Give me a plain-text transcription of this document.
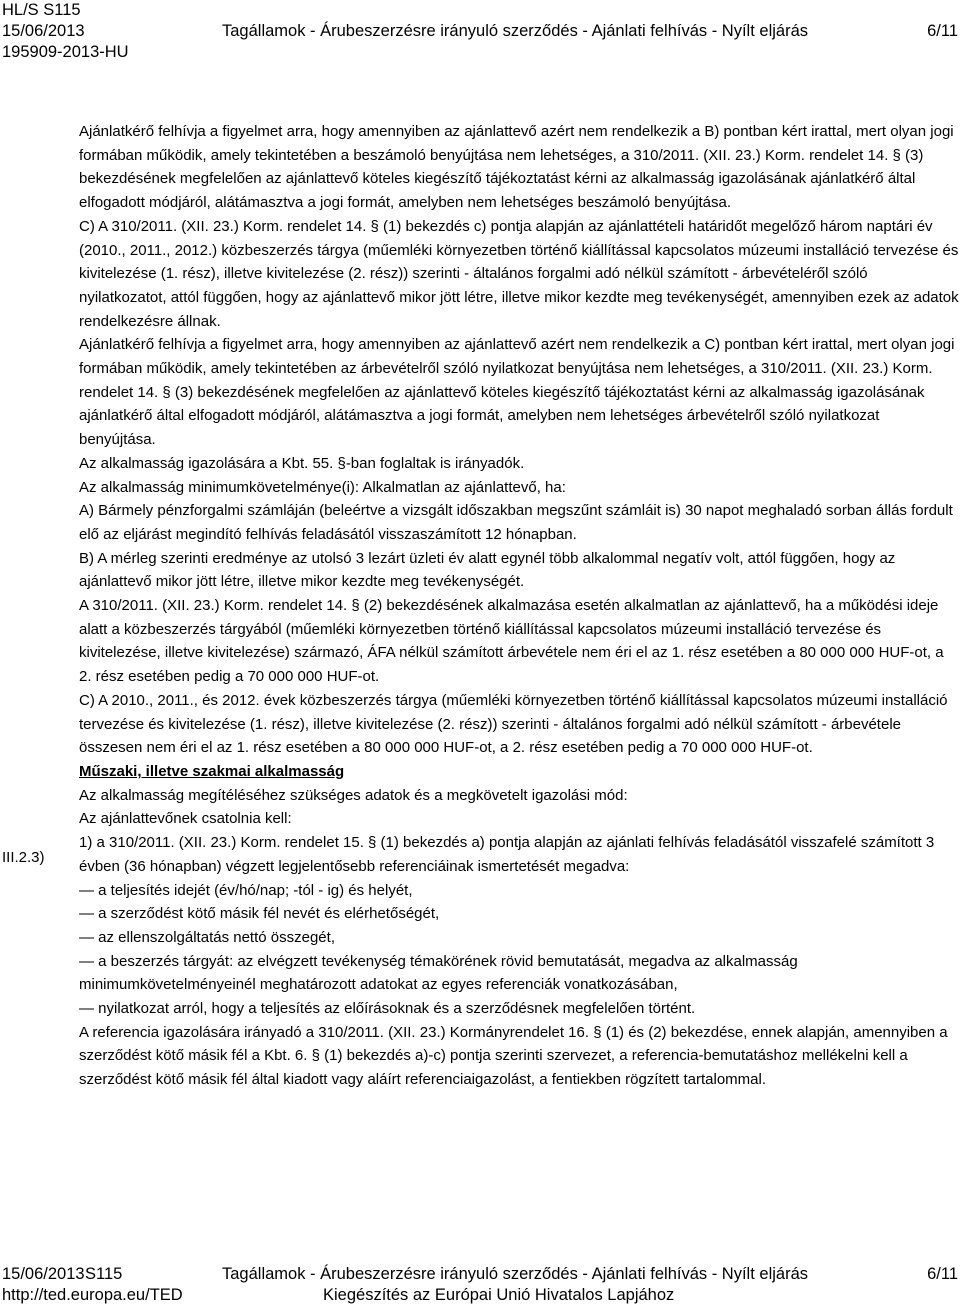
HL/S S115
15/06/2013	Tagállamok - Árubeszerzésre irányuló szerződés - Ajánlati felhívás - Nyílt eljárás	6/11
195909-2013-HU

Ajánlatkérő felhívja a figyelmet arra, hogy amennyiben az ajánlattevő azért nem rendelkezik a B) pontban kért irattal, mert olyan jogi formában működik, amely tekintetében a beszámoló benyújtása nem lehetséges, a 310/2011. (XII. 23.) Korm. rendelet 14. § (3) bekezdésének megfelelően az ajánlattevő köteles kiegészítő tájékoztatást kérni az alkalmasság igazolásának ajánlatkérő által elfogadott módjáról, alátámasztva a jogi formát, amelyben nem lehetséges beszámoló benyújtása.

C) A 310/2011. (XII. 23.) Korm. rendelet 14. § (1) bekezdés c) pontja alapján az ajánlattételi határidőt megelőző három naptári év (2010., 2011., 2012.) közbeszerzés tárgya (műemléki környezetben történő kiállítással kapcsolatos múzeumi installáció tervezése és kivitelezése (1. rész), illetve kivitelezése (2. rész)) szerinti - általános forgalmi adó nélkül számított - árbevételéről szóló nyilatkozatot, attól függően, hogy az ajánlattevő mikor jött létre, illetve mikor kezdte meg tevékenységét, amennyiben ezek az adatok rendelkezésre állnak.

Ajánlatkérő felhívja a figyelmet arra, hogy amennyiben az ajánlattevő azért nem rendelkezik a C) pontban kért irattal, mert olyan jogi formában működik, amely tekintetében az árbevételről szóló nyilatkozat benyújtása nem lehetséges, a 310/2011. (XII. 23.) Korm. rendelet 14. § (3) bekezdésének megfelelően az ajánlattevő köteles kiegészítő tájékoztatást kérni az alkalmasság igazolásának ajánlatkérő által elfogadott módjáról, alátámasztva a jogi formát, amelyben nem lehetséges árbevételről szóló nyilatkozat benyújtása.

Az alkalmasság igazolására a Kbt. 55. §-ban foglaltak is irányadók.

Az alkalmasság minimumkövetelménye(i): Alkalmatlan az ajánlattevő, ha:

A) Bármely pénzforgalmi számláján (beleértve a vizsgált időszakban megszűnt számláit is) 30 napot meghaladó sorban állás fordult elő az eljárást megindító felhívás feladásától visszaszámított 12 hónapban.

B) A mérleg szerinti eredménye az utolsó 3 lezárt üzleti év alatt egynél több alkalommal negatív volt, attól függően, hogy az ajánlattevő mikor jött létre, illetve mikor kezdte meg tevékenységét.

A 310/2011. (XII. 23.) Korm. rendelet 14. § (2) bekezdésének alkalmazása esetén alkalmatlan az ajánlattevő, ha a működési ideje alatt a közbeszerzés tárgyából (műemléki környezetben történő kiállítással kapcsolatos múzeumi installáció tervezése és kivitelezése, illetve kivitelezése) származó, ÁFA nélkül számított árbevétele nem éri el az 1. rész esetében a 80 000 000 HUF-ot, a 2. rész esetében pedig a 70 000 000 HUF-ot.

C) A 2010., 2011., és 2012. évek közbeszerzés tárgya (műemléki környezetben történő kiállítással kapcsolatos múzeumi installáció tervezése és kivitelezése (1. rész), illetve kivitelezése (2. rész)) szerinti - általános forgalmi adó nélkül számított - árbevétele összesen nem éri el az 1. rész esetében a 80 000 000 HUF-ot, a 2. rész esetében pedig a 70 000 000 HUF-ot.

Műszaki, illetve szakmai alkalmasság

Az alkalmasság megítéléséhez szükséges adatok és a megkövetelt igazolási mód:

Az ajánlattevőnek csatolnia kell:

1) a 310/2011. (XII. 23.) Korm. rendelet 15. § (1) bekezdés a) pontja alapján az ajánlati felhívás feladásától visszafelé számított 3 évben (36 hónapban) végzett legjelentősebb referenciáinak ismertetését megadva:

— a teljesítés idejét (év/hó/nap; -tól - ig) és helyét,

— a szerződést kötő másik fél nevét és elérhetőségét,

— az ellenszolgáltatás nettó összegét,

— a beszerzés tárgyát: az elvégzett tevékenység témakörének rövid bemutatását, megadva az alkalmasság minimumkövetelményeinél meghatározott adatokat az egyes referenciák vonatkozásában,

— nyilatkozat arról, hogy a teljesítés az előírásoknak és a szerződésnek megfelelően történt.

A referencia igazolására irányadó a 310/2011. (XII. 23.) Kormányrendelet 16. § (1) és (2) bekezdése, ennek alapján, amennyiben a szerződést kötő másik fél a Kbt. 6. § (1) bekezdés a)-c) pontja szerinti szervezet, a referencia-bemutatáshoz mellékelni kell a szerződést kötő másik fél által kiadott vagy aláírt referenciaigazolást, a fentiekben rögzített tartalommal.

III.2.3)
15/06/2013 S115	Tagállamok - Árubeszerzésre irányuló szerződés - Ajánlati felhívás - Nyílt eljárás	6/11
http://ted.europa.eu/TED	Kiegészítés az Európai Unió Hivatalos Lapjához
